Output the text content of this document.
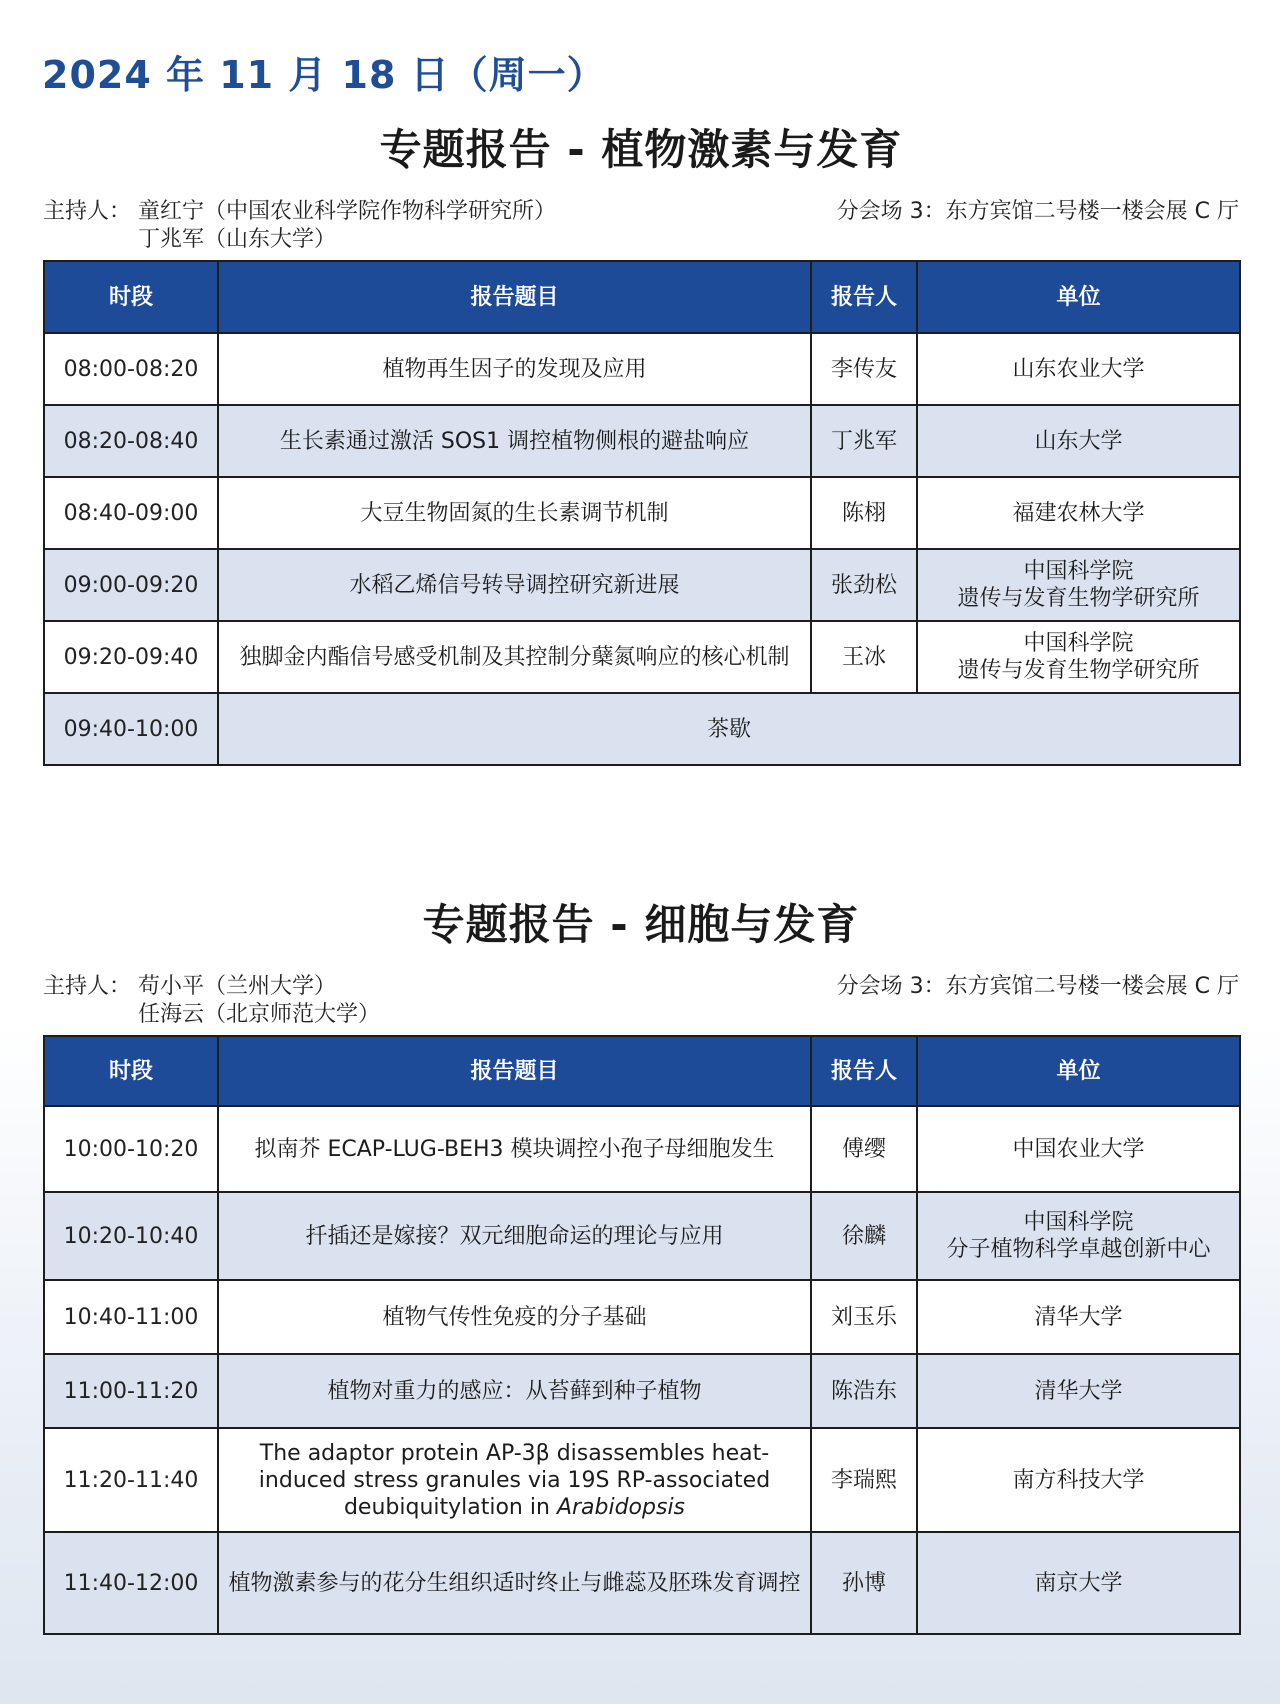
2024 年 11 月 18 日（周一）
专题报告 - 植物激素与发育
主持人： 童红宁（中国农业科学院作物科学研究所）
丁兆军（山东大学）
分会场 3：东方宾馆二号楼一楼会展 C 厅
时段	报告题目	报告人	单位
08:00-08:20	植物再生因子的发现及应用	李传友	山东农业大学
08:20-08:40	生长素通过激活 SOS1 调控植物侧根的避盐响应	丁兆军	山东大学
08:40-09:00	大豆生物固氮的生长素调节机制	陈栩	福建农林大学
09:00-09:20	水稻乙烯信号转导调控研究新进展	张劲松	中国科学院
遗传与发育生物学研究所

09:20-09:40	独脚金内酯信号感受机制及其控制分蘖氮响应的核心机制	王冰	中国科学院
遗传与发育生物学研究所

09:40-10:00	茶歇		
专题报告 - 细胞与发育
主持人： 苟小平（兰州大学）
任海云（北京师范大学）
分会场 3：东方宾馆二号楼一楼会展 C 厅
时段	报告题目	报告人	单位
10:00-10:20	拟南芥 ECAP-LUG-BEH3 模块调控小孢子母细胞发生	傅缨	中国农业大学
10:20-10:40	扦插还是嫁接？双元细胞命运的理论与应用	徐麟	中国科学院
分子植物科学卓越创新中心

10:40-11:00	植物气传性免疫的分子基础	刘玉乐	清华大学
11:00-11:20	植物对重力的感应：从苔藓到种子植物	陈浩东	清华大学
11:20-11:40	The adaptor protein AP-3β disassembles heat-induced stress granules via 19S RP-associated deubiquitylation in Arabidopsis	李瑞熙	南方科技大学
11:40-12:00	植物激素参与的花分生组织适时终止与雌蕊及胚珠发育调控	孙博	南京大学
